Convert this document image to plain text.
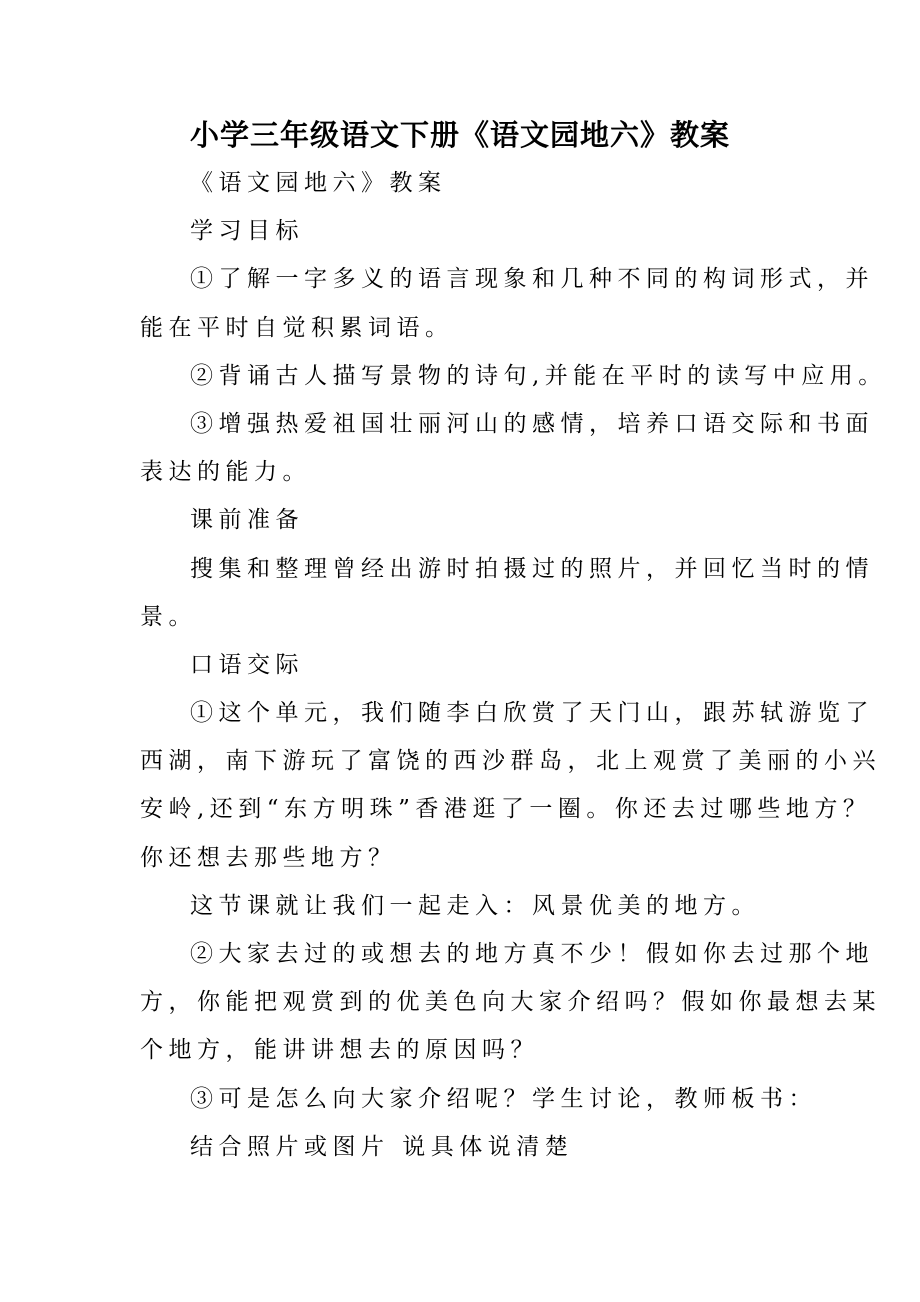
小学三年级语文下册《语文园地六》教案
《语文园地六》教案
学习目标
①了解一字多义的语言现象和几种不同的构词形式，并
能在平时自觉积累词语。
②背诵古人描写景物的诗句,并能在平时的读写中应用。
③增强热爱祖国壮丽河山的感情，培养口语交际和书面
表达的能力。
课前准备
搜集和整理曾经出游时拍摄过的照片，并回忆当时的情
景。
口语交际
①这个单元，我们随李白欣赏了天门山，跟苏轼游览了
西湖，南下游玩了富饶的西沙群岛，北上观赏了美丽的小兴
安岭,还到“东方明珠”香港逛了一圈。你还去过哪些地方？
你还想去那些地方？
这节课就让我们一起走入：风景优美的地方。
②大家去过的或想去的地方真不少！假如你去过那个地
方，你能把观赏到的优美色向大家介绍吗？假如你最想去某
个地方，能讲讲想去的原因吗？
③可是怎么向大家介绍呢？学生讨论，教师板书：
结合照片或图片 说具体说清楚
